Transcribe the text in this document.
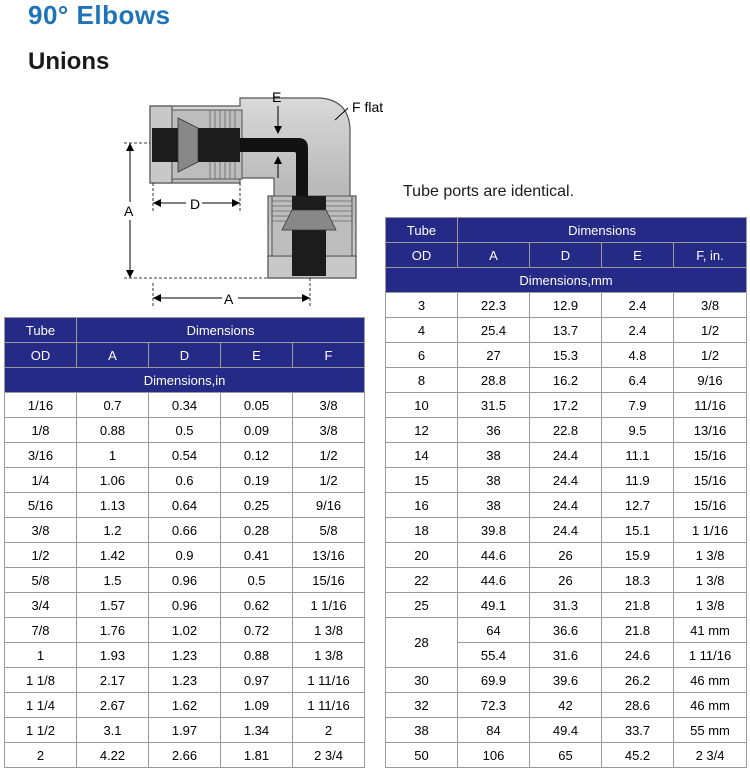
90° Elbows
Unions
Tube ports are identical.
E
F flat
A	D
A
Tube	Dimensions			
OD	A	D	E	F
Dimensions,in				
1/16	0.7	0.34	0.05	3/8
1/8	0.88	0.5	0.09	3/8
3/16	1	0.54	0.12	1/2
1/4	1.06	0.6	0.19	1/2
5/16	1.13	0.64	0.25	9/16
3/8	1.2	0.66	0.28	5/8
1/2	1.42	0.9	0.41	13/16
5/8	1.5	0.96	0.5	15/16
3/4	1.57	0.96	0.62	1 1/16
7/8	1.76	1.02	0.72	1 3/8
1	1.93	1.23	0.88	1 3/8
1 1/8	2.17	1.23	0.97	1 11/16
1 1/4	2.67	1.62	1.09	1 11/16
1 1/2	3.1	1.97	1.34	2
2	4.22	2.66	1.81	2 3/4
Tube	Dimensions			
OD	A	D	E	F, in.
Dimensions,mm				
3	22.3	12.9	2.4	3/8
4	25.4	13.7	2.4	1/2
6	27	15.3	4.8	1/2
8	28.8	16.2	6.4	9/16
10	31.5	17.2	7.9	11/16
12	36	22.8	9.5	13/16
14	38	24.4	11.1	15/16
15	38	24.4	11.9	15/16
16	38	24.4	12.7	15/16
18	39.8	24.4	15.1	1 1/16
20	44.6	26	15.9	1 3/8
22	44.6	26	18.3	1 3/8
25	49.1	31.3	21.8	1 3/8
28	64	36.6	21.8	41 mm
	55.4	31.6	24.6	1 11/16
30	69.9	39.6	26.2	46 mm
32	72.3	42	28.6	46 mm
38	84	49.4	33.7	55 mm
50	106	65	45.2	2 3/4
